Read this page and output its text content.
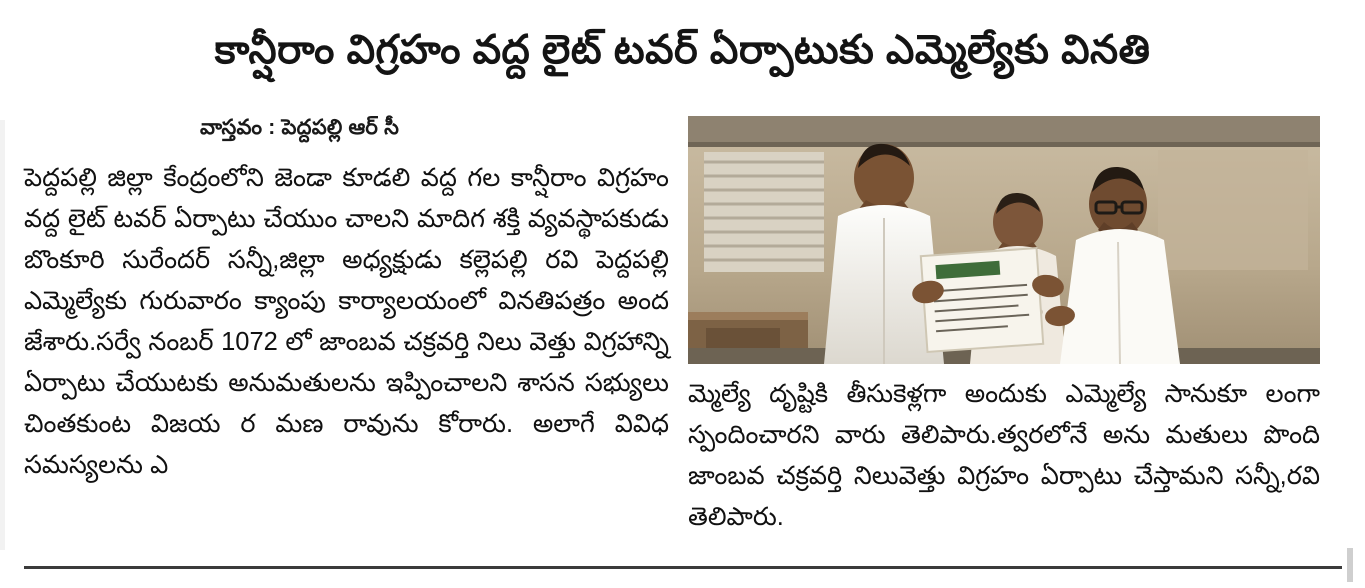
కాన్షీరాం విగ్రహం వద్ద లైట్ టవర్ ఏర్పాటుకు ఎమ్మెల్యేకు వినతి
వాస్తవం : పెద్దపల్లి ఆర్ సీ

పెద్దపల్లి జిల్లా కేంద్రంలోని జెండా కూడలి వద్ద గల కాన్షీరాం విగ్రహం వద్ద లైట్ టవర్ ఏర్పాటు చేయుం చాలని మాదిగ శక్తి వ్యవస్థాపకుడు బొంకూరి సురేందర్ సన్నీ,జిల్లా అధ్యక్షుడు కల్లెపల్లి రవి పెద్దపల్లి ఎమ్మెల్యేకు గురువారం క్యాంపు కార్యాలయంలో వినతిపత్రం అంద జేశారు.సర్వే నంబర్ 1072 లో జాంబవ చక్రవర్తి నిలు వెత్తు విగ్రహాన్ని ఏర్పాటు చేయుటకు అనుమతులను ఇప్పించాలని శాసన సభ్యులు చింతకుంట విజయ ర మణ రావును కోరారు. అలాగే వివిధ సమస్యలను ఎ

మ్మెల్యే దృష్టికి తీసుకెళ్లగా అందుకు ఎమ్మెల్యే సానుకూ లంగా స్పందించారని వారు తెలిపారు.త్వరలోనే అను మతులు పొంది జాంబవ చక్రవర్తి నిలువెత్తు విగ్రహం ఏర్పాటు చేస్తామని సన్నీ,రవి తెలిపారు.
